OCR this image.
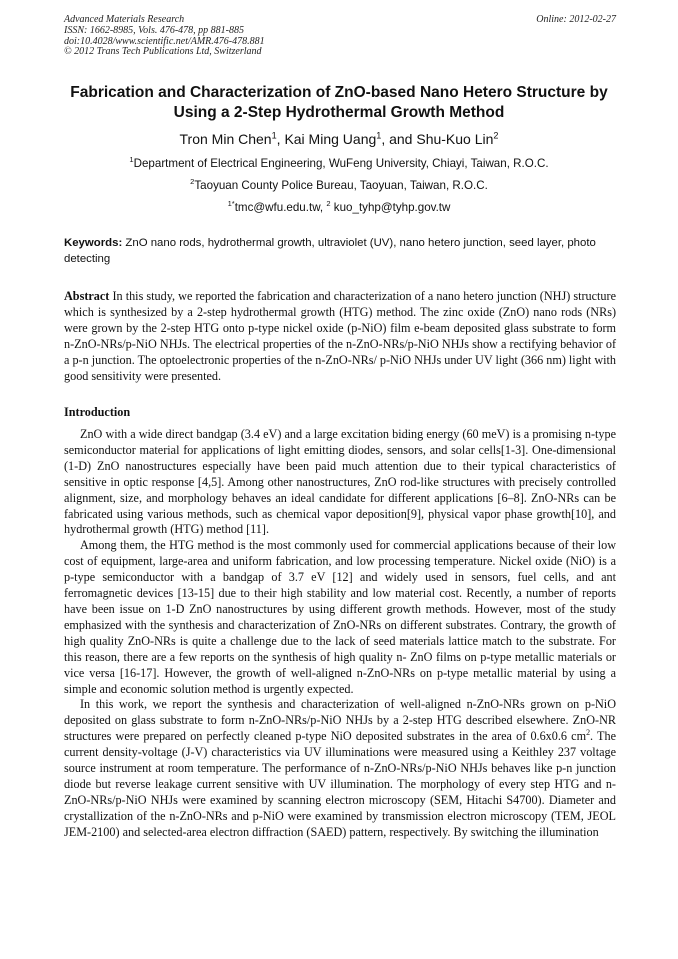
Advanced Materials Research
ISSN: 1662-8985, Vols. 476-478, pp 881-885
doi:10.4028/www.scientific.net/AMR.476-478.881
© 2012 Trans Tech Publications Ltd, Switzerland
Online: 2012-02-27
Fabrication and Characterization of ZnO-based Nano Hetero Structure by Using a 2-Step Hydrothermal Growth Method
Tron Min Chen$^1$, Kai Ming Uang$^1$, and Shu-Kuo Lin$^2$
$^1$Department of Electrical Engineering, WuFeng University, Chiayi, Taiwan, R.O.C.
$^2$Taoyuan County Police Bureau, Taoyuan, Taiwan, R.O.C.
$^{1*}$tmc@wfu.edu.tw, $^2$ kuo_tyhp@tyhp.gov.tw
Keywords: ZnO nano rods, hydrothermal growth, ultraviolet (UV), nano hetero junction, seed layer, photo detecting
Abstract In this study, we reported the fabrication and characterization of a nano hetero junction (NHJ) structure which is synthesized by a 2-step hydrothermal growth (HTG) method. The zinc oxide (ZnO) nano rods (NRs) were grown by the 2-step HTG onto p-type nickel oxide (p-NiO) film e-beam deposited glass substrate to form n-ZnO-NRs/p-NiO NHJs. The electrical properties of the n-ZnO-NRs/p-NiO NHJs show a rectifying behavior of a p-n junction. The optoelectronic properties of the n-ZnO-NRs/ p-NiO NHJs under UV light (366 nm) light with good sensitivity were presented.
Introduction

ZnO with a wide direct bandgap (3.4 eV) and a large excitation biding energy (60 meV) is a promising n-type semiconductor material for applications of light emitting diodes, sensors, and solar cells[1-3]. One-dimensional (1-D) ZnO nanostructures especially have been paid much attention due to their typical characteristics of sensitive in optic response [4,5]. Among other nanostructures, ZnO rod-like structures with precisely controlled alignment, size, and morphology behaves an ideal candidate for different applications [6–8]. ZnO-NRs can be fabricated using various methods, such as chemical vapor deposition[9], physical vapor phase growth[10], and hydrothermal growth (HTG) method [11].

Among them, the HTG method is the most commonly used for commercial applications because of their low cost of equipment, large-area and uniform fabrication, and low processing temperature. Nickel oxide (NiO) is a p-type semiconductor with a bandgap of 3.7 eV [12] and widely used in sensors, fuel cells, and ant ferromagnetic devices [13-15] due to their high stability and low material cost. Recently, a number of reports have been issue on 1-D ZnO nanostructures by using different growth methods. However, most of the study emphasized with the synthesis and characterization of ZnO-NRs on different substrates. Contrary, the growth of high quality ZnO-NRs is quite a challenge due to the lack of seed materials lattice match to the substrate. For this reason, there are a few reports on the synthesis of high quality n- ZnO films on p-type metallic materials or vice versa [16-17]. However, the growth of well-aligned n-ZnO-NRs on p-type metallic material by using a simple and economic solution method is urgently expected.

In this work, we report the synthesis and characterization of well-aligned n-ZnO-NRs grown on p-NiO deposited on glass substrate to form n-ZnO-NRs/p-NiO NHJs by a 2-step HTG described elsewhere. ZnO-NR structures were prepared on perfectly cleaned p-type NiO deposited substrates in the area of 0.6x0.6 $cm^2$. The current density-voltage (J-V) characteristics via UV illuminations were measured using a Keithley 237 voltage source instrument at room temperature. The performance of n-ZnO-NRs/p-NiO NHJs behaves like p-n junction diode but reverse leakage current sensitive with UV illumination. The morphology of every step HTG and n-ZnO-NRs/p-NiO NHJs were examined by scanning electron microscopy (SEM, Hitachi S4700). Diameter and crystallization of the n-ZnO-NRs and p-NiO were examined by transmission electron microscopy (TEM, JEOL JEM-2100) and selected-area electron diffraction (SAED) pattern, respectively. By switching the illumination
